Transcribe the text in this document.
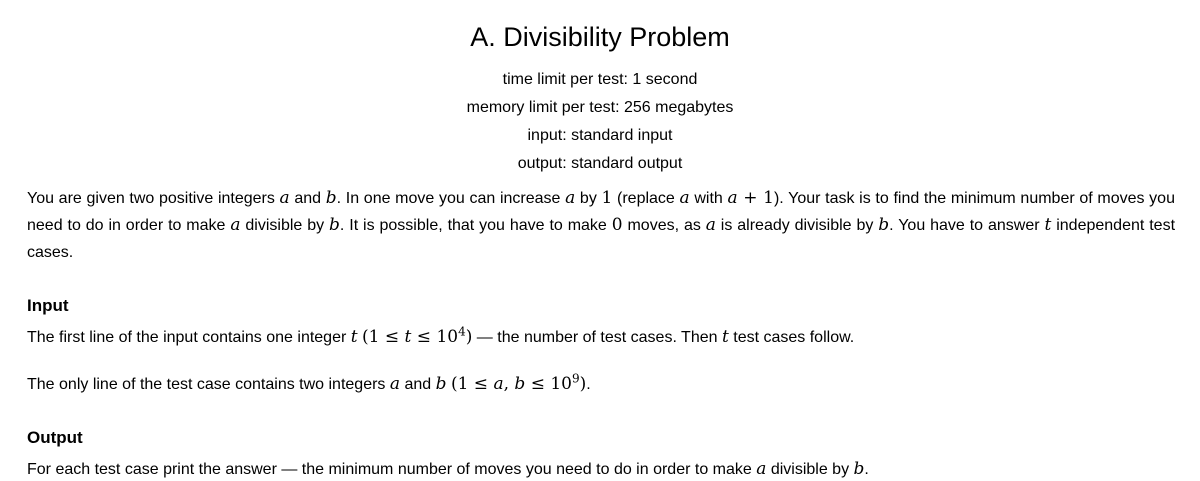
A. Divisibility Problem
time limit per test: 1 second
memory limit per test: 256 megabytes
input: standard input
output: standard output

You are given two positive integers a and b. In one move you can increase a by 1 (replace a with a + 1). Your task is to find the minimum number of moves you need to do in order to make a divisible by b. It is possible, that you have to make 0 moves, as a is already divisible by b. You have to answer t independent test cases.

Input

The first line of the input contains one integer t $(1 \le t \le 10^4)$ — the number of test cases. Then t test cases follow.

The only line of the test case contains two integers a and b (1 ≤ a, $b \le 10^9$).

Output

For each test case print the answer — the minimum number of moves you need to do in order to make a divisible by b.
